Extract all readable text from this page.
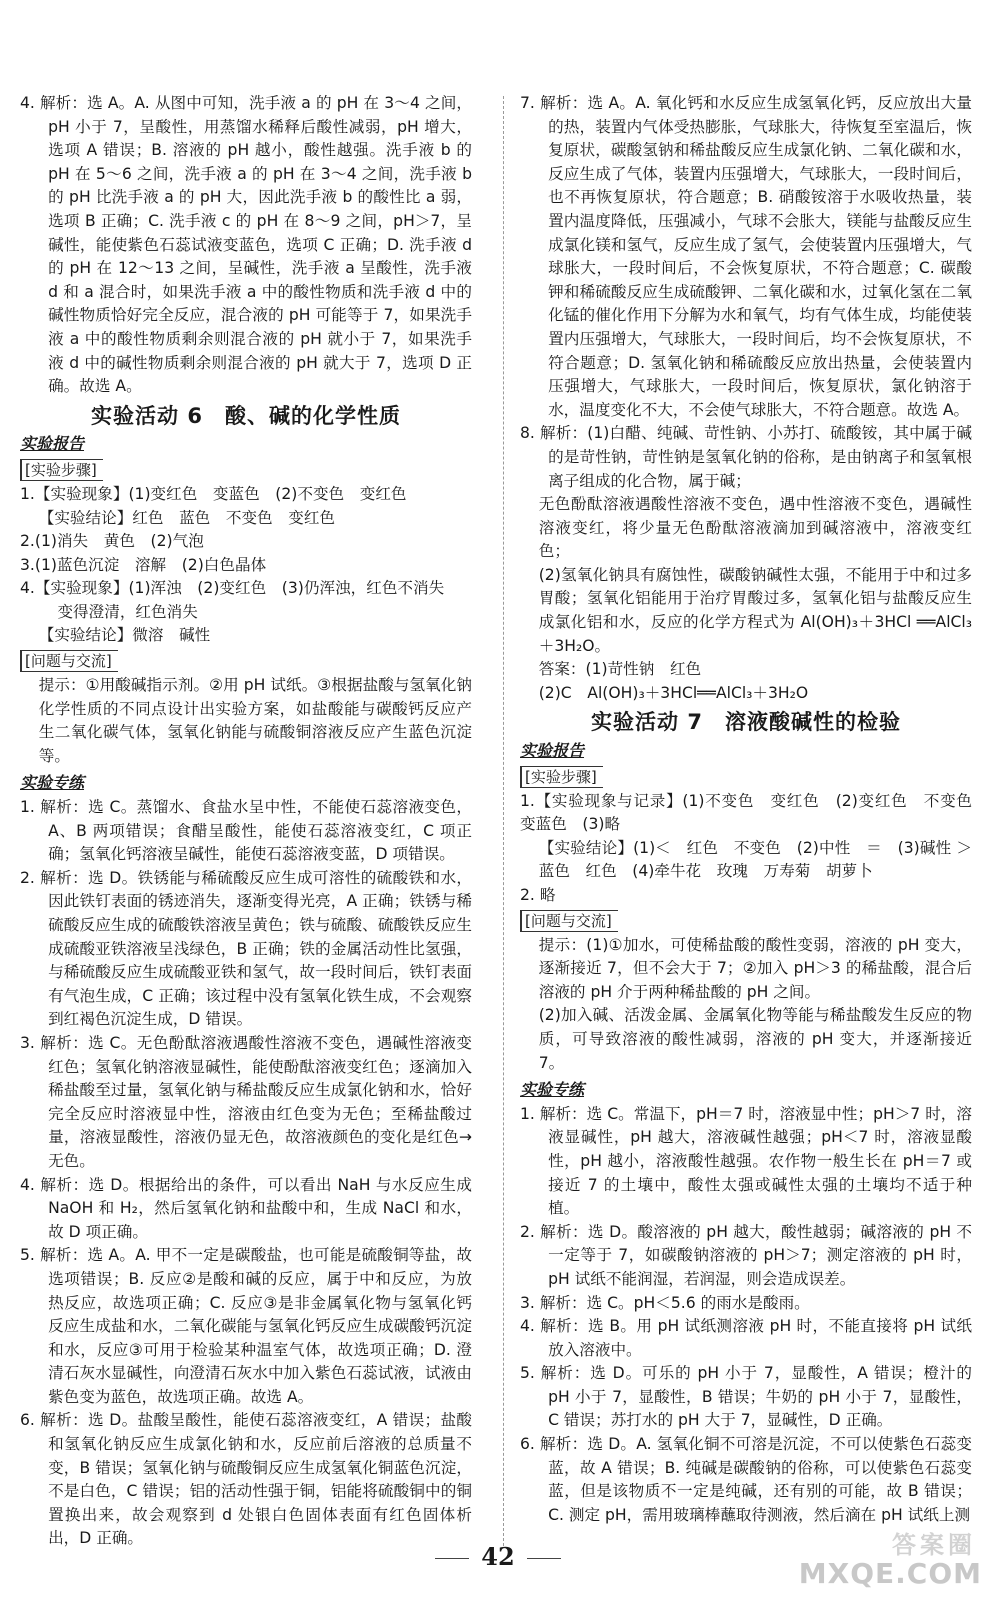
4. 解析：选 A。A. 从图中可知，洗手液 a 的 pH 在 3～4 之间，pH 小于 7，呈酸性，用蒸馏水稀释后酸性减弱，pH 增大，选项 A 错误；B. 溶液的 pH 越小，酸性越强。洗手液 b 的 pH 在 5～6 之间，洗手液 a 的 pH 在 3～4 之间，洗手液 b 的 pH 比洗手液 a 的 pH 大，因此洗手液 b 的酸性比 a 弱，选项 B 正确；C. 洗手液 c 的 pH 在 8～9 之间，pH＞7，呈碱性，能使紫色石蕊试液变蓝色，选项 C 正确；D. 洗手液 d 的 pH 在 12～13 之间，呈碱性，洗手液 a 呈酸性，洗手液 d 和 a 混合时，如果洗手液 a 中的酸性物质和洗手液 d 中的碱性物质恰好完全反应，混合液的 pH 可能等于 7，如果洗手液 a 中的酸性物质剩余则混合液的 pH 就小于 7，如果洗手液 d 中的碱性物质剩余则混合液的 pH 就大于 7，选项 D 正确。故选 A。
实验活动 6　酸、碱的化学性质
实验报告
[实验步骤]

1.【实验现象】(1)变红色　变蓝色　(2)不变色　变红色
【实验结论】红色　蓝色　不变色　变红色
2.(1)消失　黄色　(2)气泡
3.(1)蓝色沉淀　溶解　(2)白色晶体
4.【实验现象】(1)浑浊　(2)变红色　(3)仍浑浊，红色不消失
变得澄清，红色消失
【实验结论】微溶　碱性
[问题与交流]

提示：①用酸碱指示剂。②用 pH 试纸。③根据盐酸与氢氧化钠化学性质的不同点设计出实验方案，如盐酸能与碳酸钙反应产生二氧化碳气体，氢氧化钠能与硫酸铜溶液反应产生蓝色沉淀等。
实验专练
1. 解析：选 C。蒸馏水、食盐水呈中性，不能使石蕊溶液变色，A、B 两项错误；食醋呈酸性，能使石蕊溶液变红，C 项正确；氢氧化钙溶液呈碱性，能使石蕊溶液变蓝，D 项错误。
2. 解析：选 D。铁锈能与稀硫酸反应生成可溶性的硫酸铁和水，因此铁钉表面的锈迹消失，逐渐变得光亮，A 正确；铁锈与稀硫酸反应生成的硫酸铁溶液呈黄色；铁与硫酸、硫酸铁反应生成硫酸亚铁溶液呈浅绿色，B 正确；铁的金属活动性比氢强，与稀硫酸反应生成硫酸亚铁和氢气，故一段时间后，铁钉表面有气泡生成，C 正确；该过程中没有氢氧化铁生成，不会观察到红褐色沉淀生成，D 错误。
3. 解析：选 C。无色酚酞溶液遇酸性溶液不变色，遇碱性溶液变红色；氢氧化钠溶液显碱性，能使酚酞溶液变红色；逐滴加入稀盐酸至过量，氢氧化钠与稀盐酸反应生成氯化钠和水，恰好完全反应时溶液显中性，溶液由红色变为无色；至稀盐酸过量，溶液显酸性，溶液仍显无色，故溶液颜色的变化是红色→无色。
4. 解析：选 D。根据给出的条件，可以看出 NaH 与水反应生成 NaOH 和 H₂，然后氢氧化钠和盐酸中和，生成 NaCl 和水，故 D 项正确。
5. 解析：选 A。A. 甲不一定是碳酸盐，也可能是硫酸铜等盐，故选项错误；B. 反应②是酸和碱的反应，属于中和反应，为放热反应，故选项正确；C. 反应③是非金属氧化物与氢氧化钙反应生成盐和水，二氧化碳能与氢氧化钙反应生成碳酸钙沉淀和水，反应③可用于检验某种温室气体，故选项正确；D. 澄清石灰水显碱性，向澄清石灰水中加入紫色石蕊试液，试液由紫色变为蓝色，故选项正确。故选 A。
6. 解析：选 D。盐酸呈酸性，能使石蕊溶液变红，A 错误；盐酸和氢氧化钠反应生成氯化钠和水，反应前后溶液的总质量不变，B 错误；氢氧化钠与硫酸铜反应生成氢氧化铜蓝色沉淀，不是白色，C 错误；铝的活动性强于铜，铝能将硫酸铜中的铜置换出来，故会观察到 d 处银白色固体表面有红色固体析出，D 正确。
7. 解析：选 A。A. 氧化钙和水反应生成氢氧化钙，反应放出大量的热，装置内气体受热膨胀，气球胀大，待恢复至室温后，恢复原状，碳酸氢钠和稀盐酸反应生成氯化钠、二氧化碳和水，反应生成了气体，装置内压强增大，气球胀大，一段时间后，也不再恢复原状，符合题意；B. 硝酸铵溶于水吸收热量，装置内温度降低，压强减小，气球不会胀大，镁能与盐酸反应生成氯化镁和氢气，反应生成了氢气，会使装置内压强增大，气球胀大，一段时间后，不会恢复原状，不符合题意；C. 碳酸钾和稀硫酸反应生成硫酸钾、二氧化碳和水，过氧化氢在二氧化锰的催化作用下分解为水和氧气，均有气体生成，均能使装置内压强增大，气球胀大，一段时间后，均不会恢复原状，不符合题意；D. 氢氧化钠和稀硫酸反应放出热量，会使装置内压强增大，气球胀大，一段时间后，恢复原状，氯化钠溶于水，温度变化不大，不会使气球胀大，不符合题意。故选 A。
8. 解析：(1)白醋、纯碱、苛性钠、小苏打、硫酸铵，其中属于碱的是苛性钠，苛性钠是氢氧化钠的俗称，是由钠离子和氢氧根离子组成的化合物，属于碱；
无色酚酞溶液遇酸性溶液不变色，遇中性溶液不变色，遇碱性溶液变红，将少量无色酚酞溶液滴加到碱溶液中，溶液变红色；
(2)氢氧化钠具有腐蚀性，碳酸钠碱性太强，不能用于中和过多胃酸；氢氧化铝能用于治疗胃酸过多，氢氧化铝与盐酸反应生成氯化铝和水，反应的化学方程式为 Al(OH)₃＋3HCl ══AlCl₃＋3H₂O。
答案：(1)苛性钠　红色
(2)C　Al(OH)₃＋3HCl══AlCl₃＋3H₂O
实验活动 7　溶液酸碱性的检验
实验报告
[实验步骤]

1.【实验现象与记录】(1)不变色　变红色　(2)变红色　不变色　变蓝色　(3)略
【实验结论】(1)＜　红色　不变色　(2)中性　＝　(3)碱性 ＞　蓝色　红色　(4)牵牛花　玫瑰　万寿菊　胡萝卜
2. 略
[问题与交流]

提示：(1)①加水，可使稀盐酸的酸性变弱，溶液的 pH 变大，逐渐接近 7，但不会大于 7；②加入 pH＞3 的稀盐酸，混合后溶液的 pH 介于两种稀盐酸的 pH 之间。
(2)加入碱、活泼金属、金属氧化物等能与稀盐酸发生反应的物质，可导致溶液的酸性减弱，溶液的 pH 变大，并逐渐接近 7。
实验专练
1. 解析：选 C。常温下，pH＝7 时，溶液显中性；pH＞7 时，溶液显碱性，pH 越大，溶液碱性越强；pH＜7 时，溶液显酸性，pH 越小，溶液酸性越强。农作物一般生长在 pH＝7 或接近 7 的土壤中，酸性太强或碱性太强的土壤均不适于种植。
2. 解析：选 D。酸溶液的 pH 越大，酸性越弱；碱溶液的 pH 不一定等于 7，如碳酸钠溶液的 pH＞7；测定溶液的 pH 时，pH 试纸不能润湿，若润湿，则会造成误差。
3. 解析：选 C。pH＜5.6 的雨水是酸雨。
4. 解析：选 B。用 pH 试纸测溶液 pH 时，不能直接将 pH 试纸放入溶液中。
5. 解析：选 D。可乐的 pH 小于 7，显酸性，A 错误；橙汁的 pH 小于 7，显酸性，B 错误；牛奶的 pH 小于 7，显酸性，C 错误；苏打水的 pH 大于 7，显碱性，D 正确。
6. 解析：选 D。A. 氢氧化铜不可溶是沉淀，不可以使紫色石蕊变蓝，故 A 错误；B. 纯碱是碳酸钠的俗称，可以使紫色石蕊变蓝，但是该物质不一定是纯碱，还有别的可能，故 B 错误；C. 测定 pH，需用玻璃棒蘸取待测液，然后滴在 pH 试纸上测
42	答案圈
MXQE.COM
